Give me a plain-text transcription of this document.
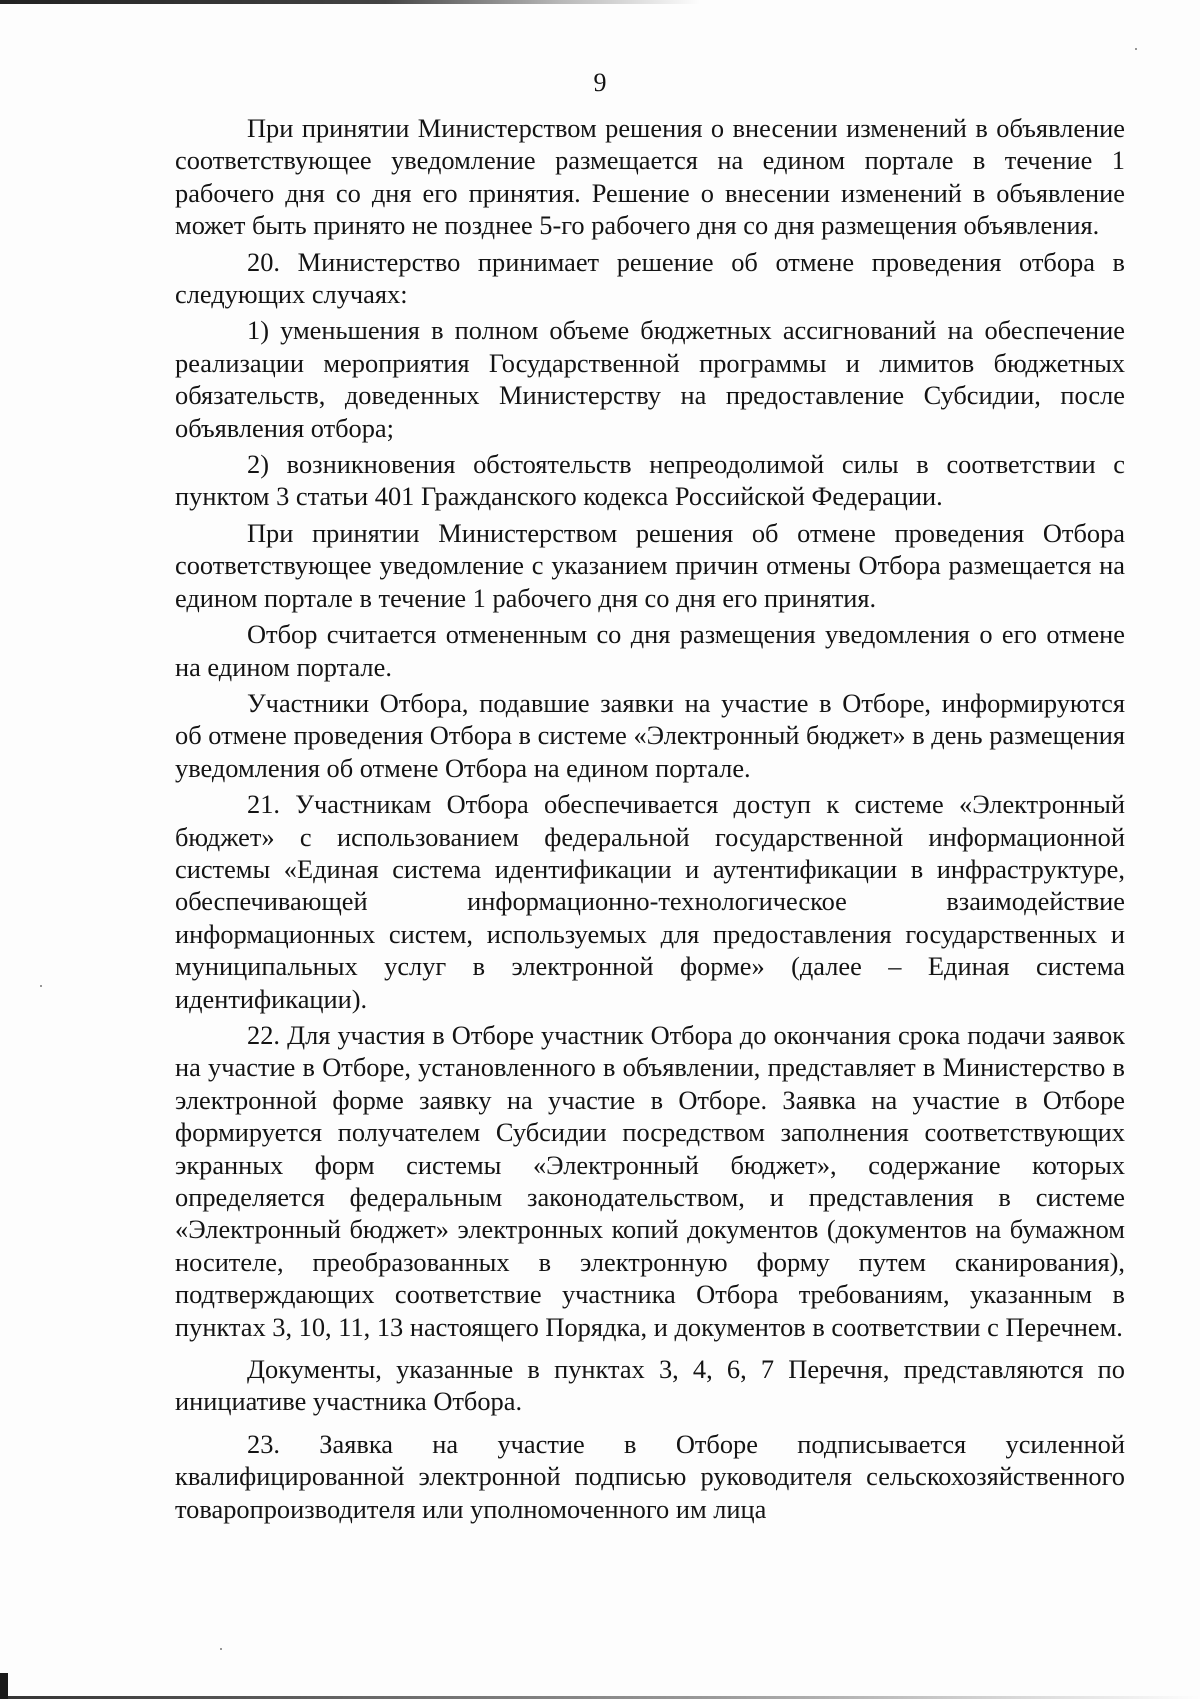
9

При принятии Министерством решения о внесении изменений в объявление соответствующее уведомление размещается на едином портале в течение 1 рабочего дня со дня его принятия. Решение о внесении изменений в объявление может быть принято не позднее 5-го рабочего дня со дня размещения объявления.

20. Министерство принимает решение об отмене проведения отбора в следующих случаях:

1) уменьшения в полном объеме бюджетных ассигнований на обеспечение реализации мероприятия Государственной программы и лимитов бюджетных обязательств, доведенных Министерству на предоставление Субсидии, после объявления отбора;

2) возникновения обстоятельств непреодолимой силы в соответствии с пунктом 3 статьи 401 Гражданского кодекса Российской Федерации.

При принятии Министерством решения об отмене проведения Отбора соответствующее уведомление с указанием причин отмены Отбора размещается на едином портале в течение 1 рабочего дня со дня его принятия.

Отбор считается отмененным со дня размещения уведомления о его отмене на едином портале.

Участники Отбора, подавшие заявки на участие в Отборе, информируются об отмене проведения Отбора в системе «Электронный бюджет» в день размещения уведомления об отмене Отбора на едином портале.

21. Участникам Отбора обеспечивается доступ к системе «Электронный бюджет» с использованием федеральной государственной информационной системы «Единая система идентификации и аутентификации в инфраструктуре, обеспечивающей информационно-технологическое взаимодействие информационных систем, используемых для предоставления государственных и муниципальных услуг в электронной форме» (далее – Единая система идентификации).

22. Для участия в Отборе участник Отбора до окончания срока подачи заявок на участие в Отборе, установленного в объявлении, представляет в Министерство в электронной форме заявку на участие в Отборе. Заявка на участие в Отборе формируется получателем Субсидии посредством заполнения соответствующих экранных форм системы «Электронный бюджет», содержание которых определяется федеральным законодательством, и представления в системе «Электронный бюджет» электронных копий документов (документов на бумажном носителе, преобразованных в электронную форму путем сканирования), подтверждающих соответствие участника Отбора требованиям, указанным в пунктах 3, 10, 11, 13 настоящего Порядка, и документов в соответствии с Перечнем.

Документы, указанные в пунктах 3, 4, 6, 7 Перечня, представляются по инициативе участника Отбора.

23. Заявка на участие в Отборе подписывается усиленной квалифицированной электронной подписью руководителя сельскохозяйственного товаропроизводителя или уполномоченного им лица
